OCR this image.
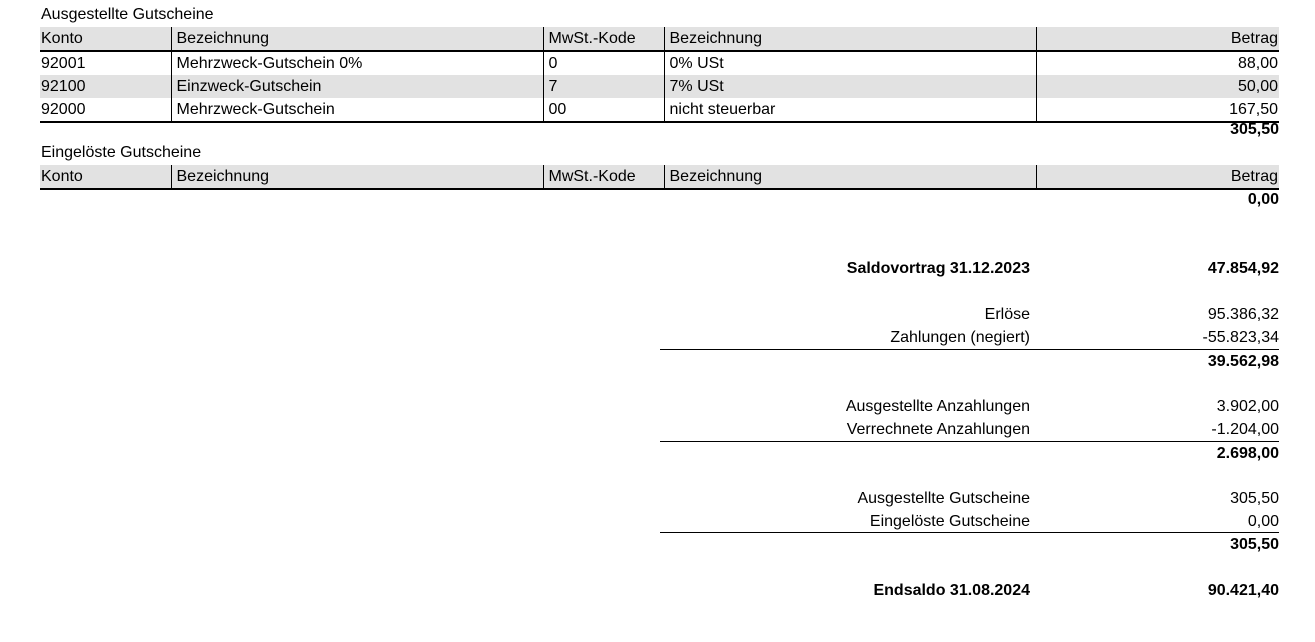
Ausgestellte Gutscheine
Konto	Bezeichnung	MwSt.-Kode	Bezeichnung	Betrag
92001	Mehrzweck-Gutschein 0%	0	0% USt	88,00
92100	Einzweck-Gutschein	7	7% USt	50,00
92000	Mehrzweck-Gutschein	00	nicht steuerbar	167,50
305,50
Eingelöste Gutscheine
Konto	Bezeichnung	MwSt.-Kode	Bezeichnung	Betrag
0,00
Saldovortrag 31.12.2023	47.854,92
Erlöse	95.386,32
Zahlungen (negiert)	-55.823,34
39.562,98
Ausgestellte Anzahlungen	3.902,00
Verrechnete Anzahlungen	-1.204,00
2.698,00
Ausgestellte Gutscheine	305,50
Eingelöste Gutscheine	0,00
305,50
Endsaldo 31.08.2024	90.421,40
